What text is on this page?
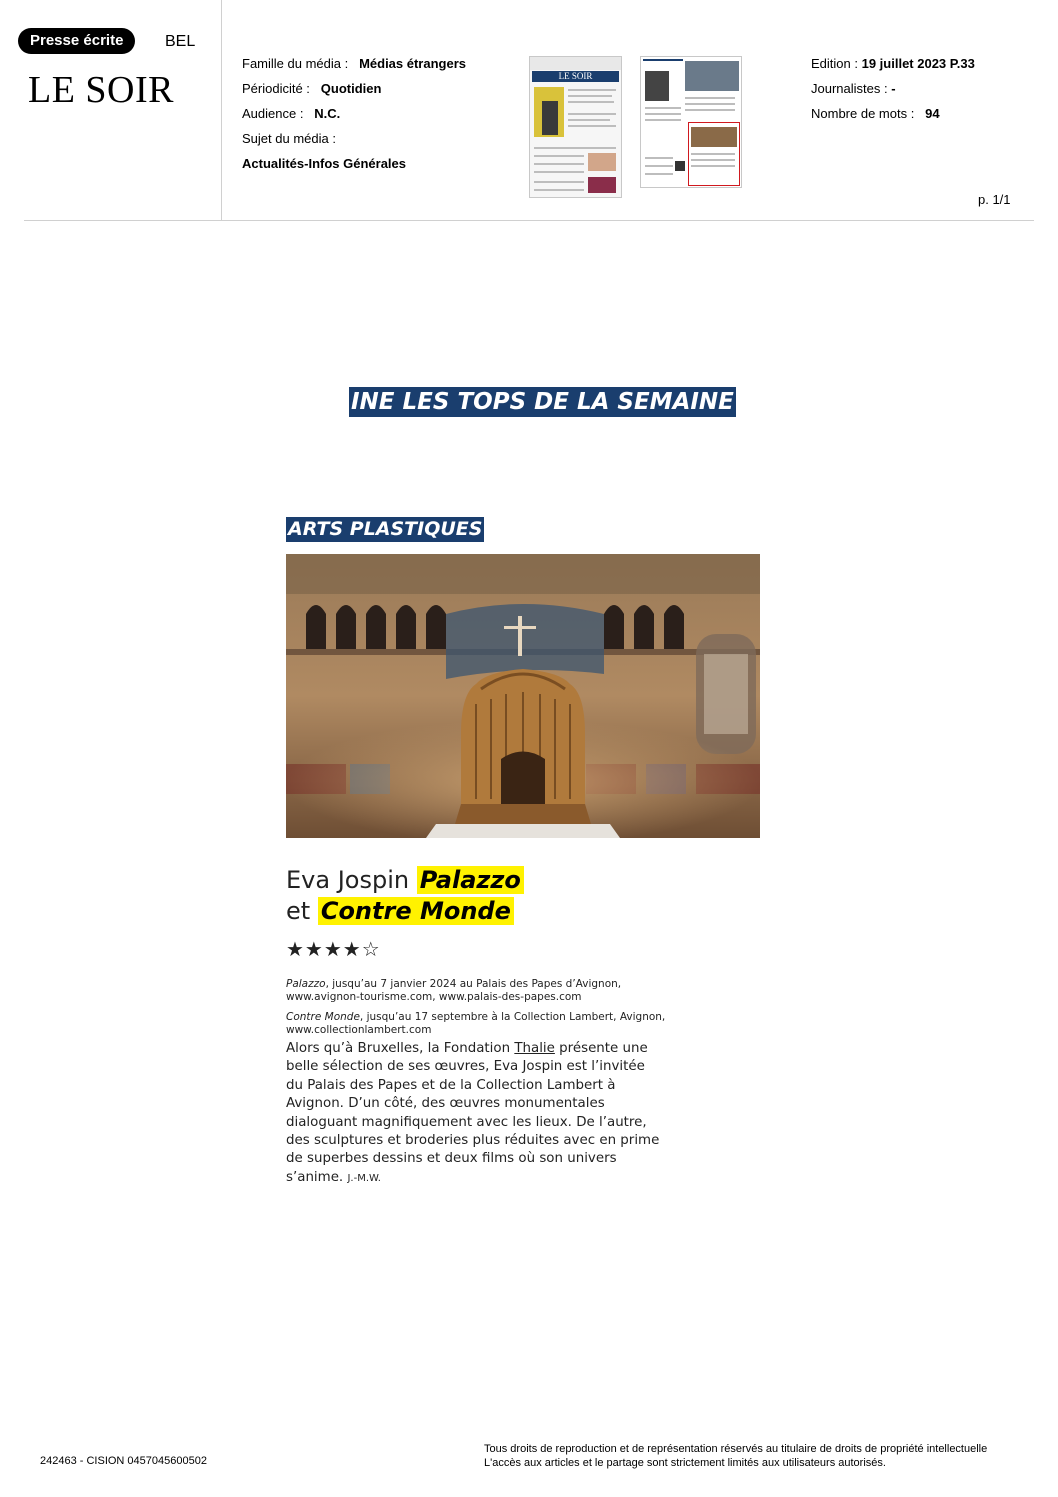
Presse écrite	BEL
LE SOIR
Famille du média : Médias étrangers
Périodicité : Quotidien
Audience : N.C.
Sujet du média :
Actualités-Infos Générales
LE SOIR
Edition : 19 juillet 2023 P.33
Journalistes : -
Nombre de mots : 94
p. 1/1
INE LES TOPS DE LA SEMAINE
ARTS PLASTIQUES
Eva Jospin Palazzo
et Contre Monde
★★★★☆
Palazzo, jusqu’au 7 janvier 2024 au Palais des Papes d’Avignon,
www.avignon-tourisme.com, www.palais-des-papes.com
Contre Monde, jusqu’au 17 septembre à la Collection Lambert, Avignon,
www.collectionlambert.com
Alors qu’à Bruxelles, la Fondation Thalie présente une belle sélection de ses œuvres, Eva Jospin est l’invitée du Palais des Papes et de la Collection Lambert à Avignon. D’un côté, des œuvres monumentales dialoguant magnifiquement avec les lieux. De l’autre, des sculptures et broderies plus réduites avec en prime de superbes dessins et deux films où son univers s’anime. J.-M.W.
242463 - CISION 0457045600502
Tous droits de reproduction et de représentation réservés au titulaire de droits de propriété intellectuelle
L'accès aux articles et le partage sont strictement limités aux utilisateurs autorisés.
